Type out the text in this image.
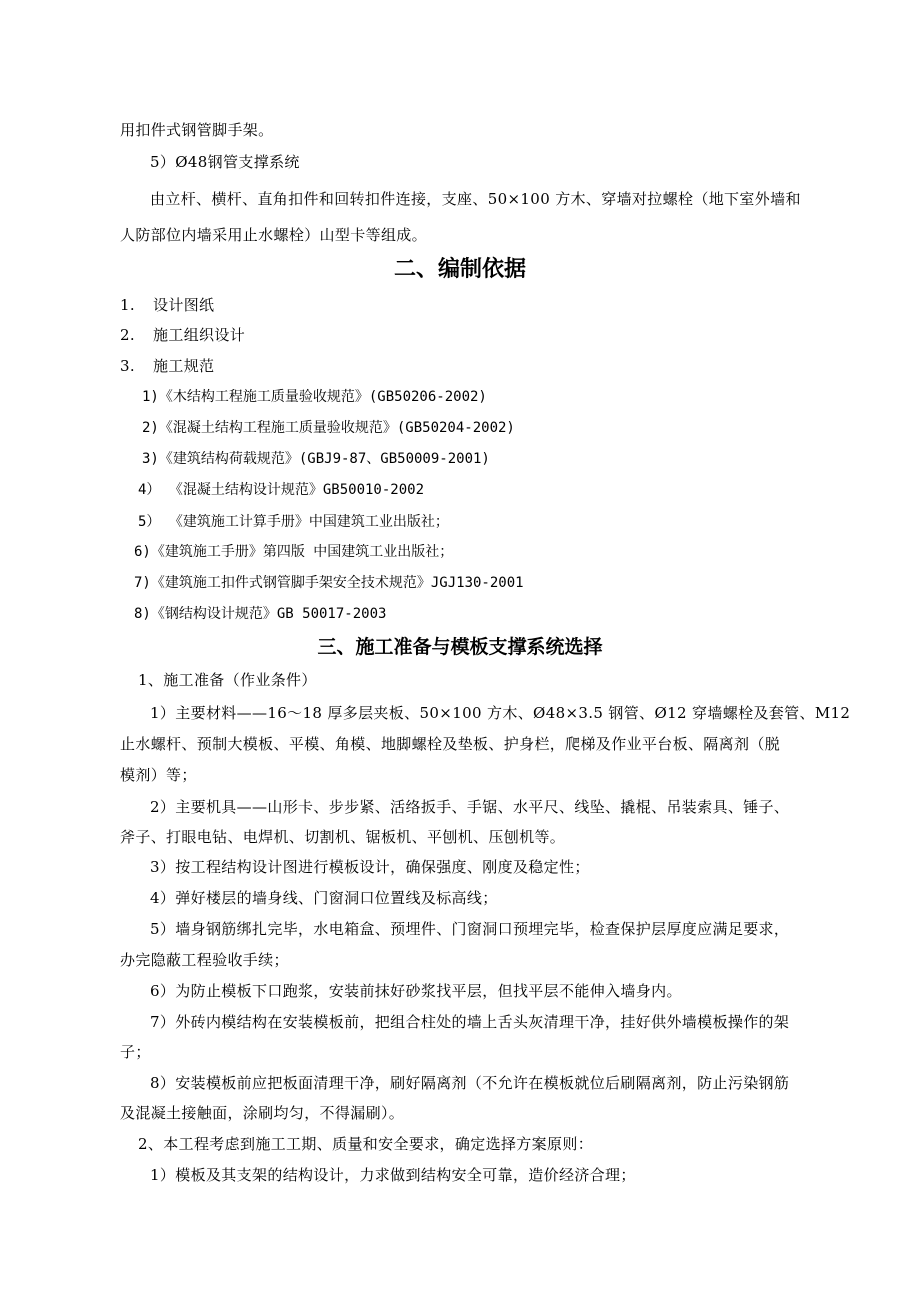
用扣件式钢管脚手架。

5）Ø48钢管支撑系统

由立杆、横杆、直角扣件和回转扣件连接，支座、50×100 方木、穿墙对拉螺栓（地下室外墙和

人防部位内墙采用止水螺栓）山型卡等组成。

二、编制依据

1. 设计图纸

2. 施工组织设计

3. 施工规范

1)《木结构工程施工质量验收规范》(GB50206-2002)

2)《混凝土结构工程施工质量验收规范》(GB50204-2002)

3)《建筑结构荷载规范》(GBJ9-87、GB50009-2001)

4） 《混凝土结构设计规范》GB50010-2002

5） 《建筑施工计算手册》中国建筑工业出版社；

6)《建筑施工手册》第四版 中国建筑工业出版社；

7)《建筑施工扣件式钢管脚手架安全技术规范》JGJ130-2001

8)《钢结构设计规范》GB 50017-2003

三、施工准备与模板支撑系统选择

1、施工准备（作业条件）

1）主要材料——16～18 厚多层夹板、50×100 方木、Ø48×3.5 钢管、Ø12 穿墙螺栓及套管、M12

止水螺杆、预制大模板、平模、角模、地脚螺栓及垫板、护身栏，爬梯及作业平台板、隔离剂（脱

模剂）等；

2）主要机具——山形卡、步步紧、活络扳手、手锯、水平尺、线坠、撬棍、吊装索具、锤子、

斧子、打眼电钻、电焊机、切割机、锯板机、平刨机、压刨机等。

3）按工程结构设计图进行模板设计，确保强度、刚度及稳定性；

4）弹好楼层的墙身线、门窗洞口位置线及标高线；

5）墙身钢筋绑扎完毕，水电箱盒、预埋件、门窗洞口预埋完毕，检查保护层厚度应满足要求，

办完隐蔽工程验收手续；

6）为防止模板下口跑浆，安装前抹好砂浆找平层，但找平层不能伸入墙身内。

7）外砖内模结构在安装模板前，把组合柱处的墙上舌头灰清理干净，挂好供外墙模板操作的架

子；

8）安装模板前应把板面清理干净，刷好隔离剂（不允许在模板就位后刷隔离剂，防止污染钢筋

及混凝土接触面，涂刷均匀，不得漏刷）。

2、本工程考虑到施工工期、质量和安全要求，确定选择方案原则：

1）模板及其支架的结构设计，力求做到结构安全可靠，造价经济合理；
